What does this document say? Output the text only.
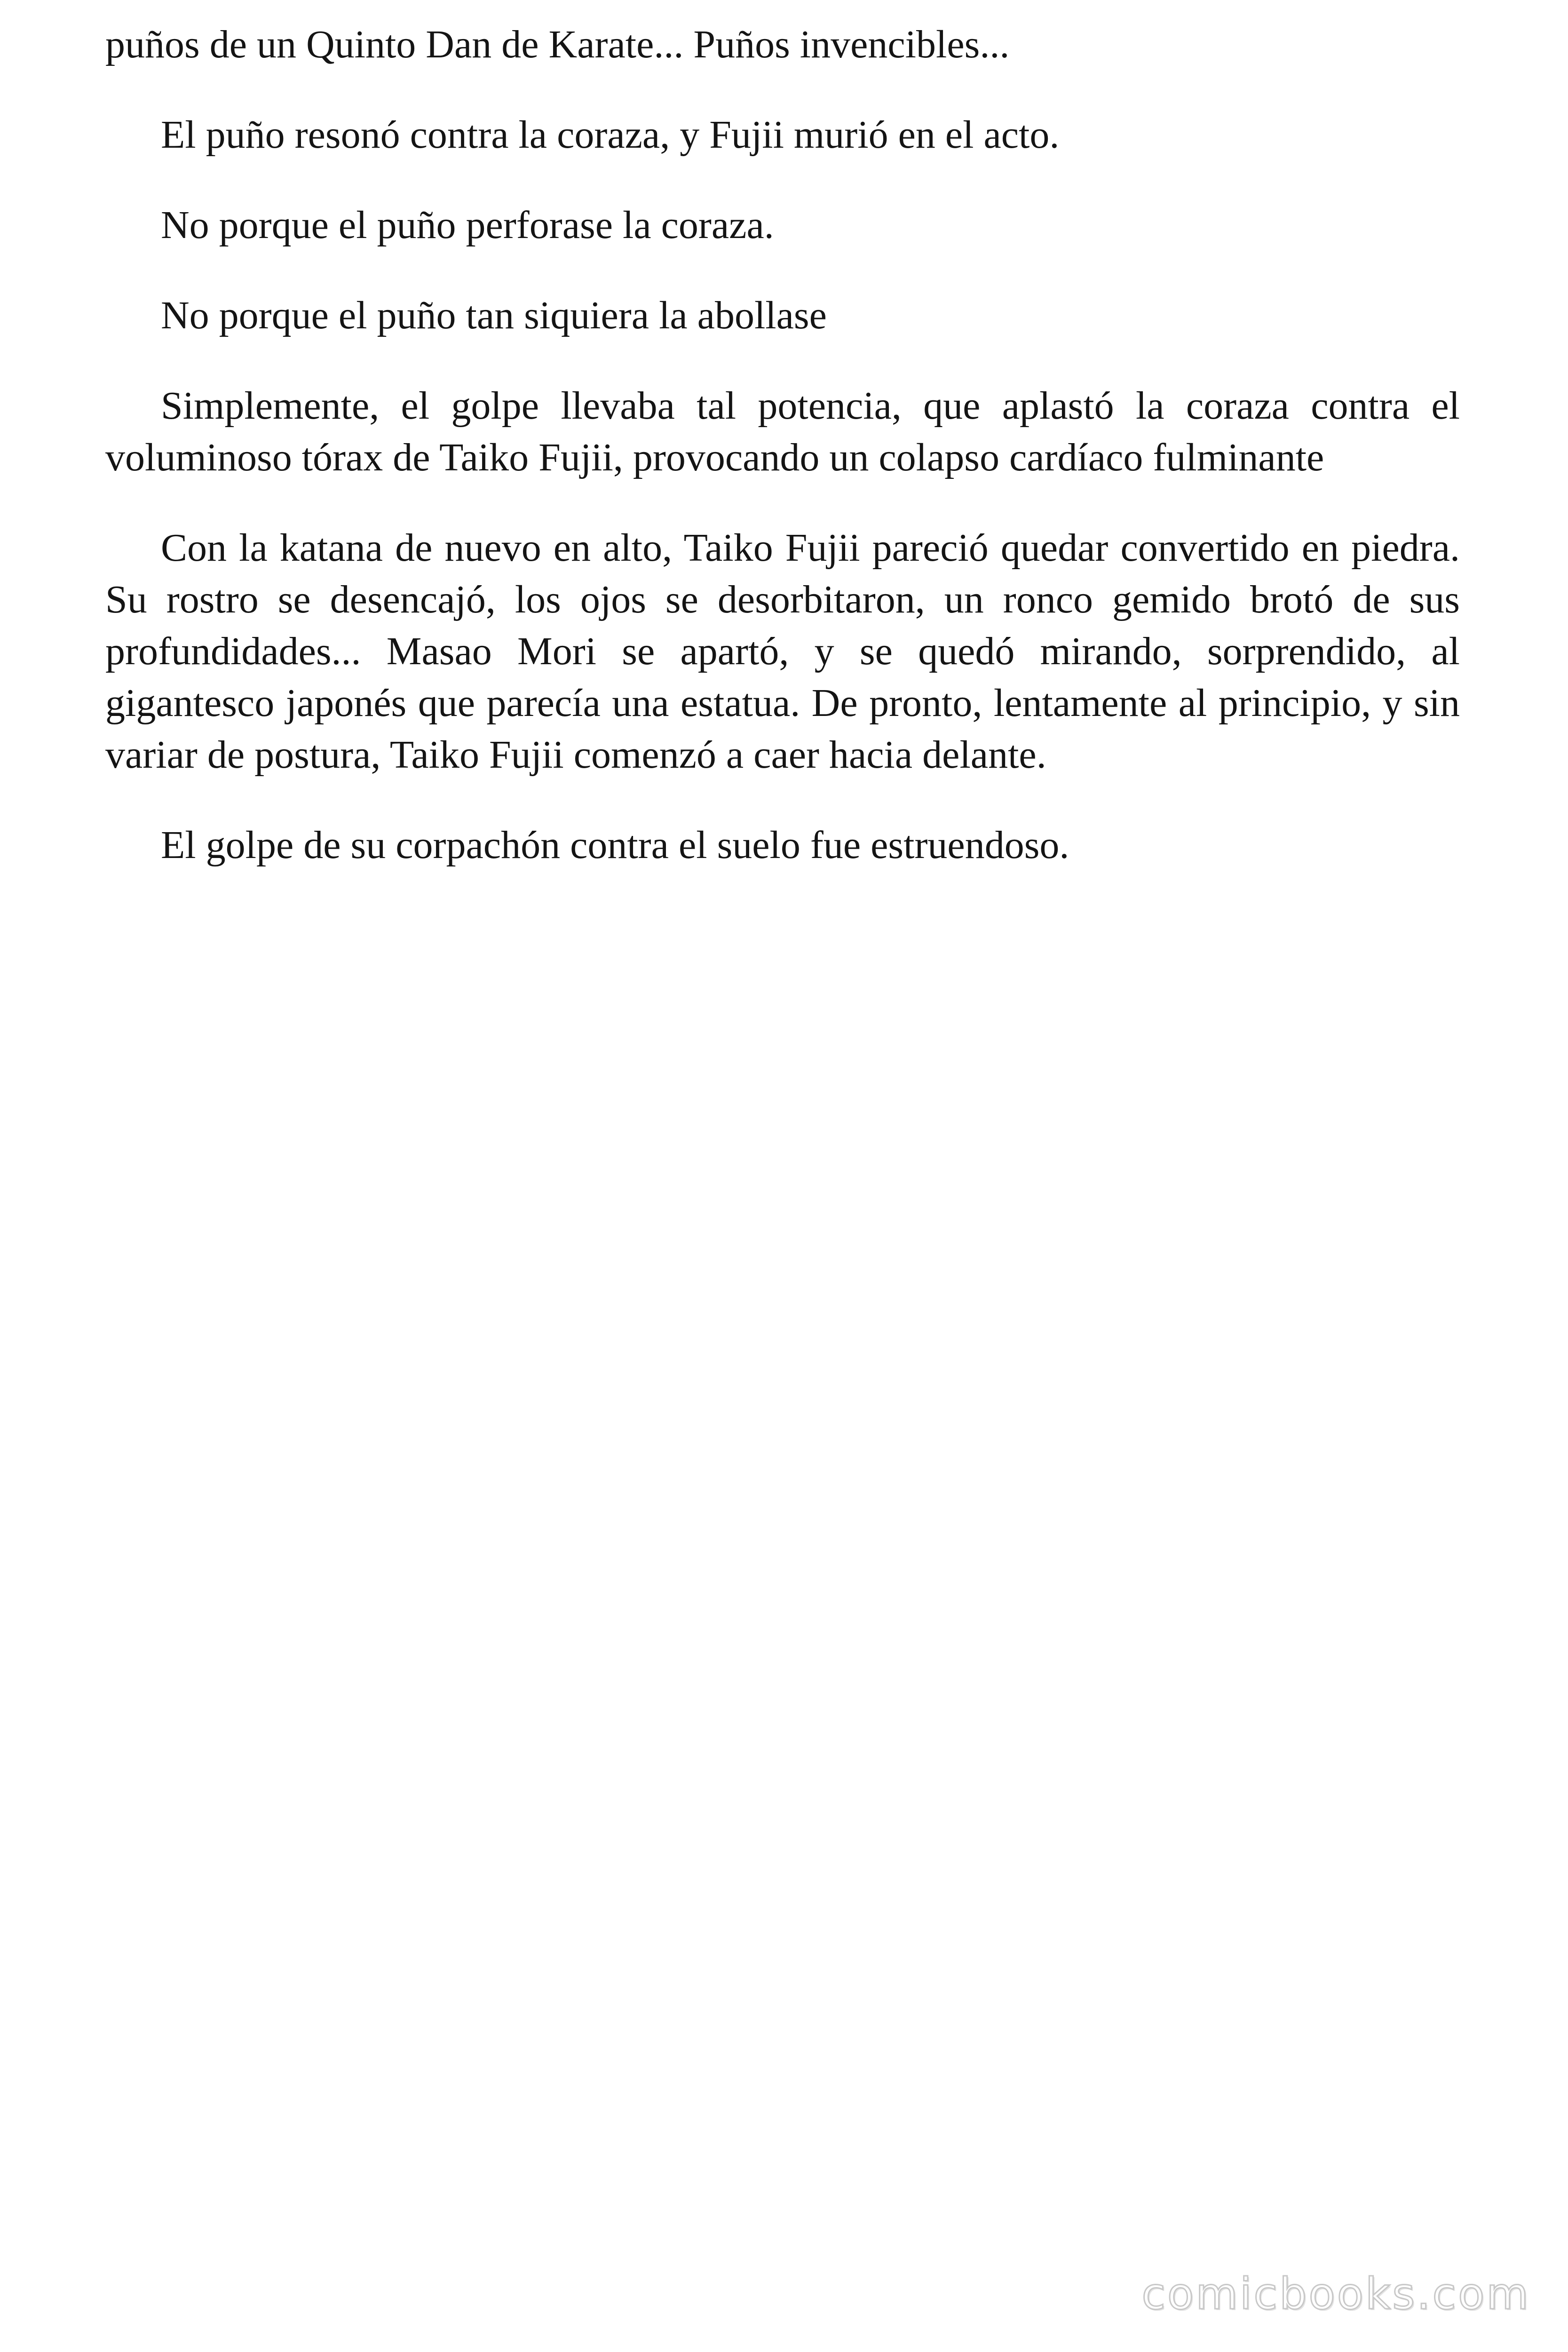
puños de un Quinto Dan de Karate... Puños invencibles...

El puño resonó contra la coraza, y Fujii murió en el acto.

No porque el puño perforase la coraza.

No porque el puño tan siquiera la abollase

Simplemente, el golpe llevaba tal potencia, que aplastó la coraza contra el voluminoso tórax de Taiko Fujii, provocando un colapso cardíaco fulminante

Con la katana de nuevo en alto, Taiko Fujii pareció quedar convertido en piedra. Su rostro se desencajó, los ojos se desorbitaron, un ronco gemido brotó de sus profundidades... Masao Mori se apartó, y se quedó mirando, sorprendido, al gigantesco japonés que parecía una estatua. De pronto, lentamente al principio, y sin variar de postura, Taiko Fujii comenzó a caer hacia delante.

El golpe de su corpachón contra el suelo fue estruendoso.

comicbooks.com
